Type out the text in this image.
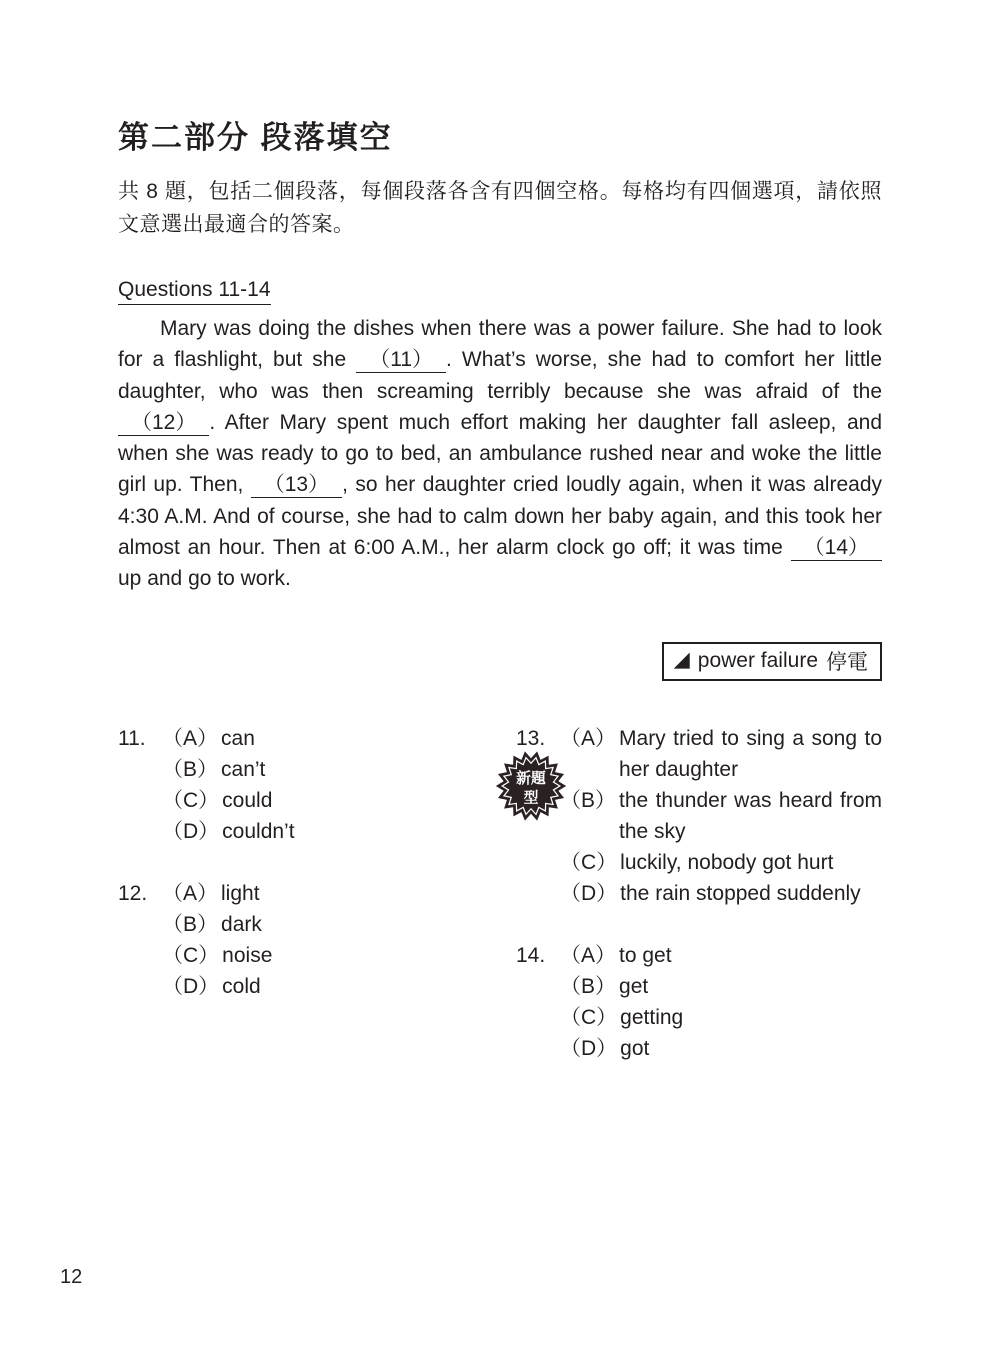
第二部分 段落填空

共 8 題，包括二個段落，每個段落各含有四個空格。每格均有四個選項，請依照文意選出最適合的答案。

Questions 11-14

Mary was doing the dishes when there was a power failure. She had to look for a flashlight, but she （11） . What’s worse, she had to comfort her little daughter, who was then screaming terribly because she was afraid of the （12） . After Mary spent much effort making her daughter fall asleep, and when she was ready to go to bed, an ambulance rushed near and woke the little girl up. Then, （13） , so her daughter cried loudly again, when it was already 4:30 A.M. And of course, she had to calm down her baby again, and this took her almost an hour. Then at 6:00 A.M., her alarm clock go off; it was time （14） up and go to work.

◢ power failure 停電
11. （A） can
（B） can’t
（C） could
（D） couldn’t
12. （A） light
（B） dark
（C） noise
（D） cold
13.
新題
型
（A） Mary tried to sing a song to her daughter
（B） the thunder was heard from the sky
（C） luckily, nobody got hurt
（D） the rain stopped suddenly
14. （A） to get
（B） get
（C） getting
（D） got
12
